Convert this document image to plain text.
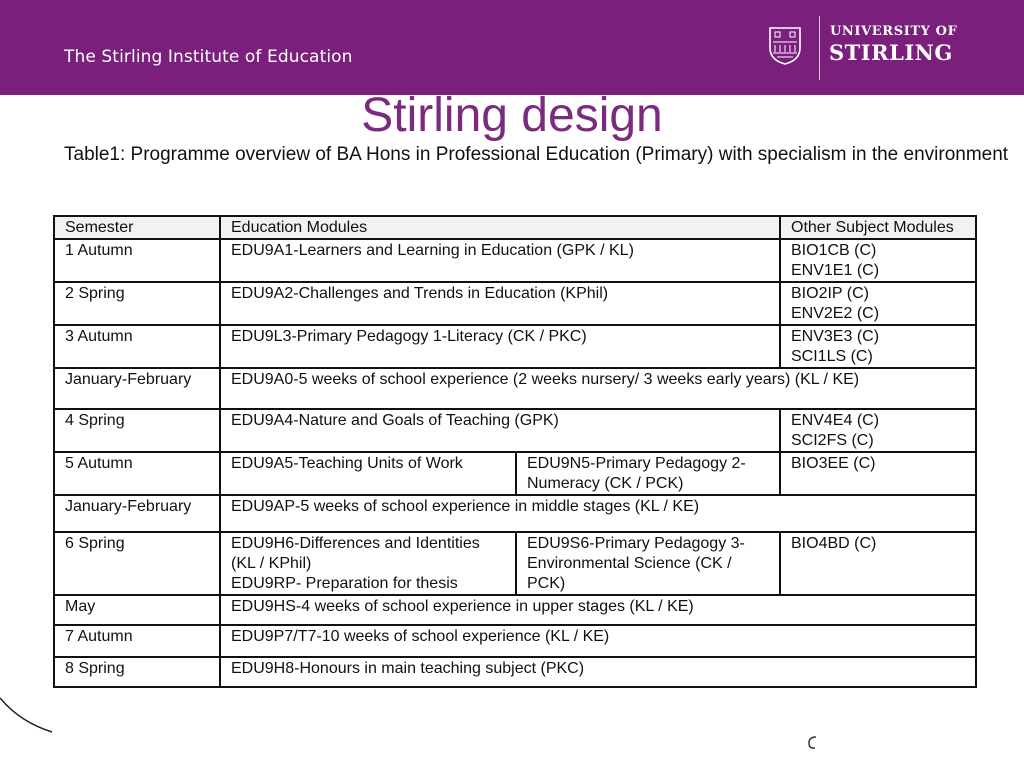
The Stirling Institute of Education
UNIVERSITY OF
STIRLING
Stirling design
Table1: Programme overview of BA Hons in Professional Education (Primary) with specialism in the environment
Semester	Education Modules		Other Subject Modules
1 Autumn	EDU9A1-Learners and Learning in Education (GPK / KL)		BIO1CB (C)
ENV1E1 (C)

2 Spring	EDU9A2-Challenges and Trends in Education (KPhil)		BIO2IP (C)
ENV2E2 (C)

3 Autumn	EDU9L3-Primary Pedagogy 1-Literacy (CK / PKC)		ENV3E3 (C)
SCI1LS (C)

January-February	EDU9A0-5 weeks of school experience (2 weeks nursery/ 3 weeks early years) (KL / KE)		
4 Spring	EDU9A4-Nature and Goals of Teaching (GPK)		ENV4E4 (C)
SCI2FS (C)

5 Autumn	EDU9A5-Teaching Units of Work	EDU9N5-Primary Pedagogy 2-Numeracy (CK / PCK)	BIO3EE (C)

January-February	EDU9AP-5 weeks of school experience in middle stages (KL / KE)		
6 Spring	EDU9H6-Differences and Identities (KL / KPhil)
EDU9RP- Preparation for thesis	EDU9S6-Primary Pedagogy 3-Environmental Science (CK / PCK)	BIO4BD (C)

May	EDU9HS-4 weeks of school experience in upper stages (KL / KE)		
7 Autumn	EDU9P7/T7-10 weeks of school experience (KL / KE)		
8 Spring	EDU9H8-Honours in main teaching subject (PKC)		
